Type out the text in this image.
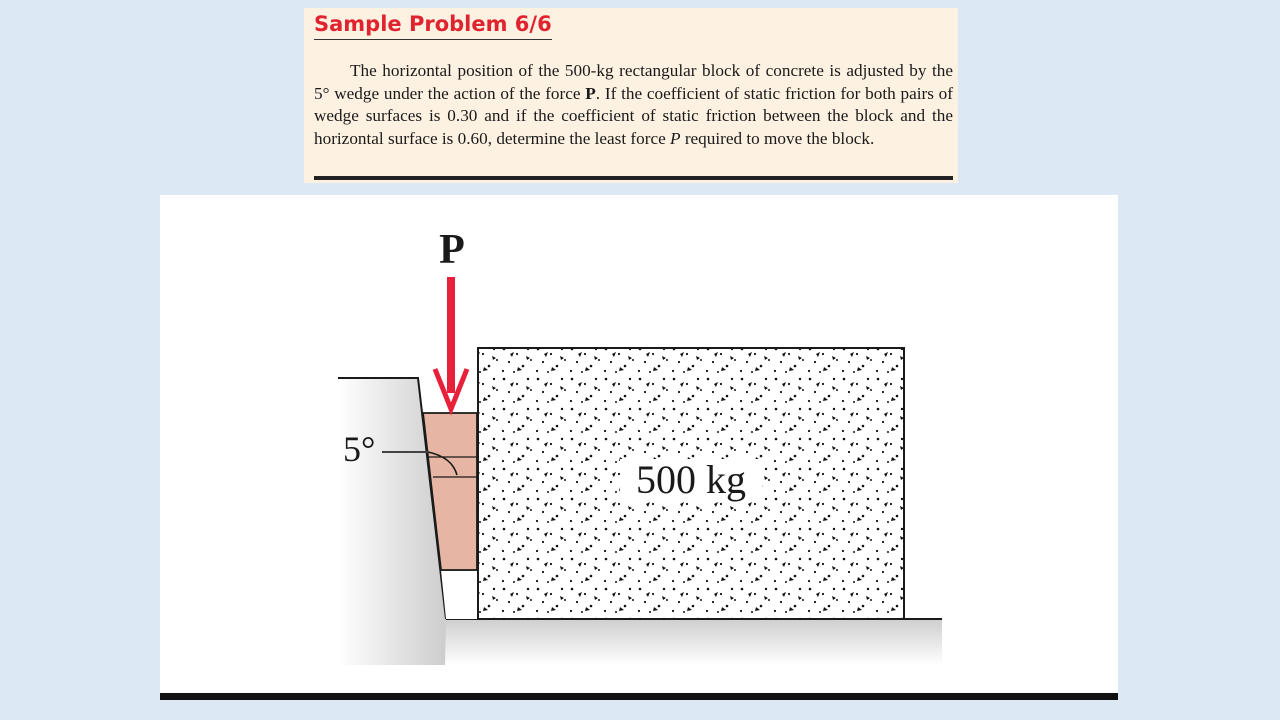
Sample Problem 6/6

The horizontal position of the 500-kg rectangular block of concrete is adjusted by the 5° wedge under the action of the force P. If the coefficient of static friction for both pairs of wedge surfaces is 0.30 and if the coefficient of static friction between the block and the horizontal surface is 0.60, determine the least force P required to move the block.

500 kg
5°
P
